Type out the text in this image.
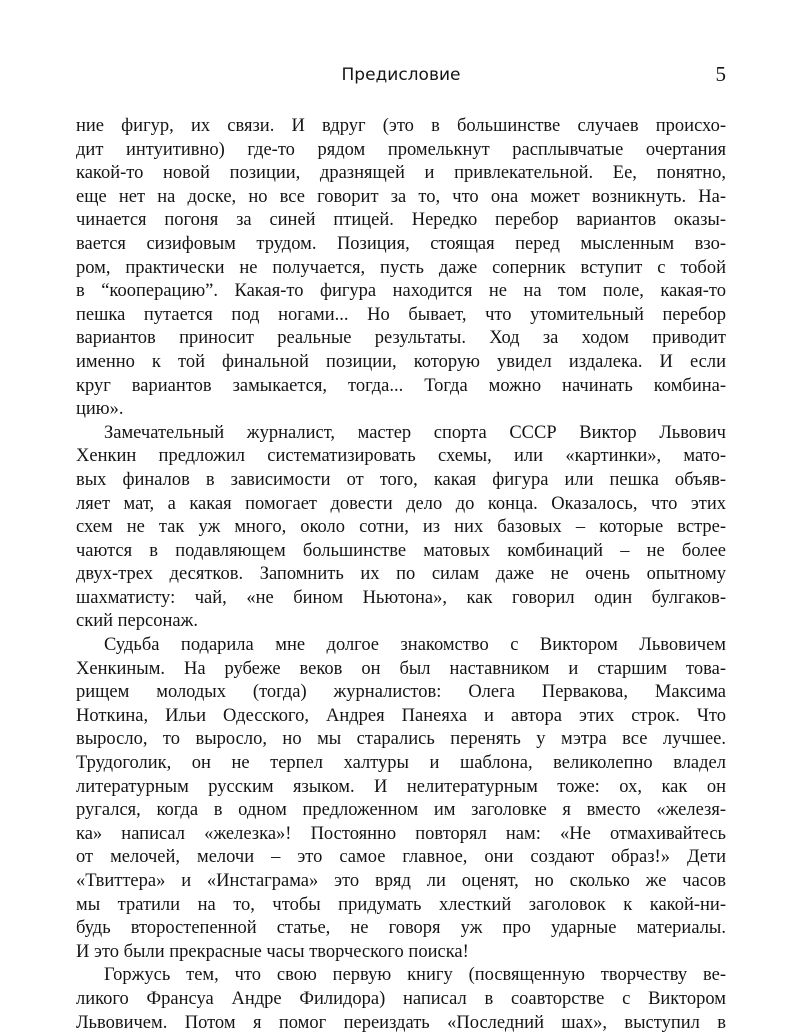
Предисловие	5
ние фигур, их связи. И вдруг (это в большинстве случаев происхо-
дит интуитивно) где-то рядом промелькнут расплывчатые очертания
какой-то новой позиции, дразнящей и привлекательной. Ее, понятно,
еще нет на доске, но все говорит за то, что она может возникнуть. На-
чинается погоня за синей птицей. Нередко перебор вариантов оказы-
вается сизифовым трудом. Позиция, стоящая перед мысленным взо-
ром, практически не получается, пусть даже соперник вступит с тобой
в “кооперацию”. Какая-то фигура находится не на том поле, какая-то
пешка путается под ногами... Но бывает, что утомительный перебор
вариантов приносит реальные результаты. Ход за ходом приводит
именно к той финальной позиции, которую увидел издалека. И если
круг вариантов замыкается, тогда... Тогда можно начинать комбина-
цию».
Замечательный журналист, мастер спорта СССР Виктор Львович
Хенкин предложил систематизировать схемы, или «картинки», мато-
вых финалов в зависимости от того, какая фигура или пешка объяв-
ляет мат, а какая помогает довести дело до конца. Оказалось, что этих
схем не так уж много, около сотни, из них базовых – которые встре-
чаются в подавляющем большинстве матовых комбинаций – не более
двух-трех десятков. Запомнить их по силам даже не очень опытному
шахматисту: чай, «не бином Ньютона», как говорил один булгаков-
ский персонаж.
Судьба подарила мне долгое знакомство с Виктором Львовичем
Хенкиным. На рубеже веков он был наставником и старшим това-
рищем молодых (тогда) журналистов: Олега Первакова, Максима
Ноткина, Ильи Одесского, Андрея Панеяха и автора этих строк. Что
выросло, то выросло, но мы старались перенять у мэтра все лучшее.
Трудоголик, он не терпел халтуры и шаблона, великолепно владел
литературным русским языком. И нелитературным тоже: ох, как он
ругался, когда в одном предложенном им заголовке я вместо «железя-
ка» написал «железка»! Постоянно повторял нам: «Не отмахивайтесь
от мелочей, мелочи – это самое главное, они создают образ!» Дети
«Твиттера» и «Инстаграма» это вряд ли оценят, но сколько же часов
мы тратили на то, чтобы придумать хлесткий заголовок к какой-ни-
будь второстепенной статье, не говоря уж про ударные материалы.
И это были прекрасные часы творческого поиска!
Горжусь тем, что свою первую книгу (посвященную творчеству ве-
ликого Франсуа Андре Филидора) написал в соавторстве с Виктором
Львовичем. Потом я помог переиздать «Последний шах», выступил в
